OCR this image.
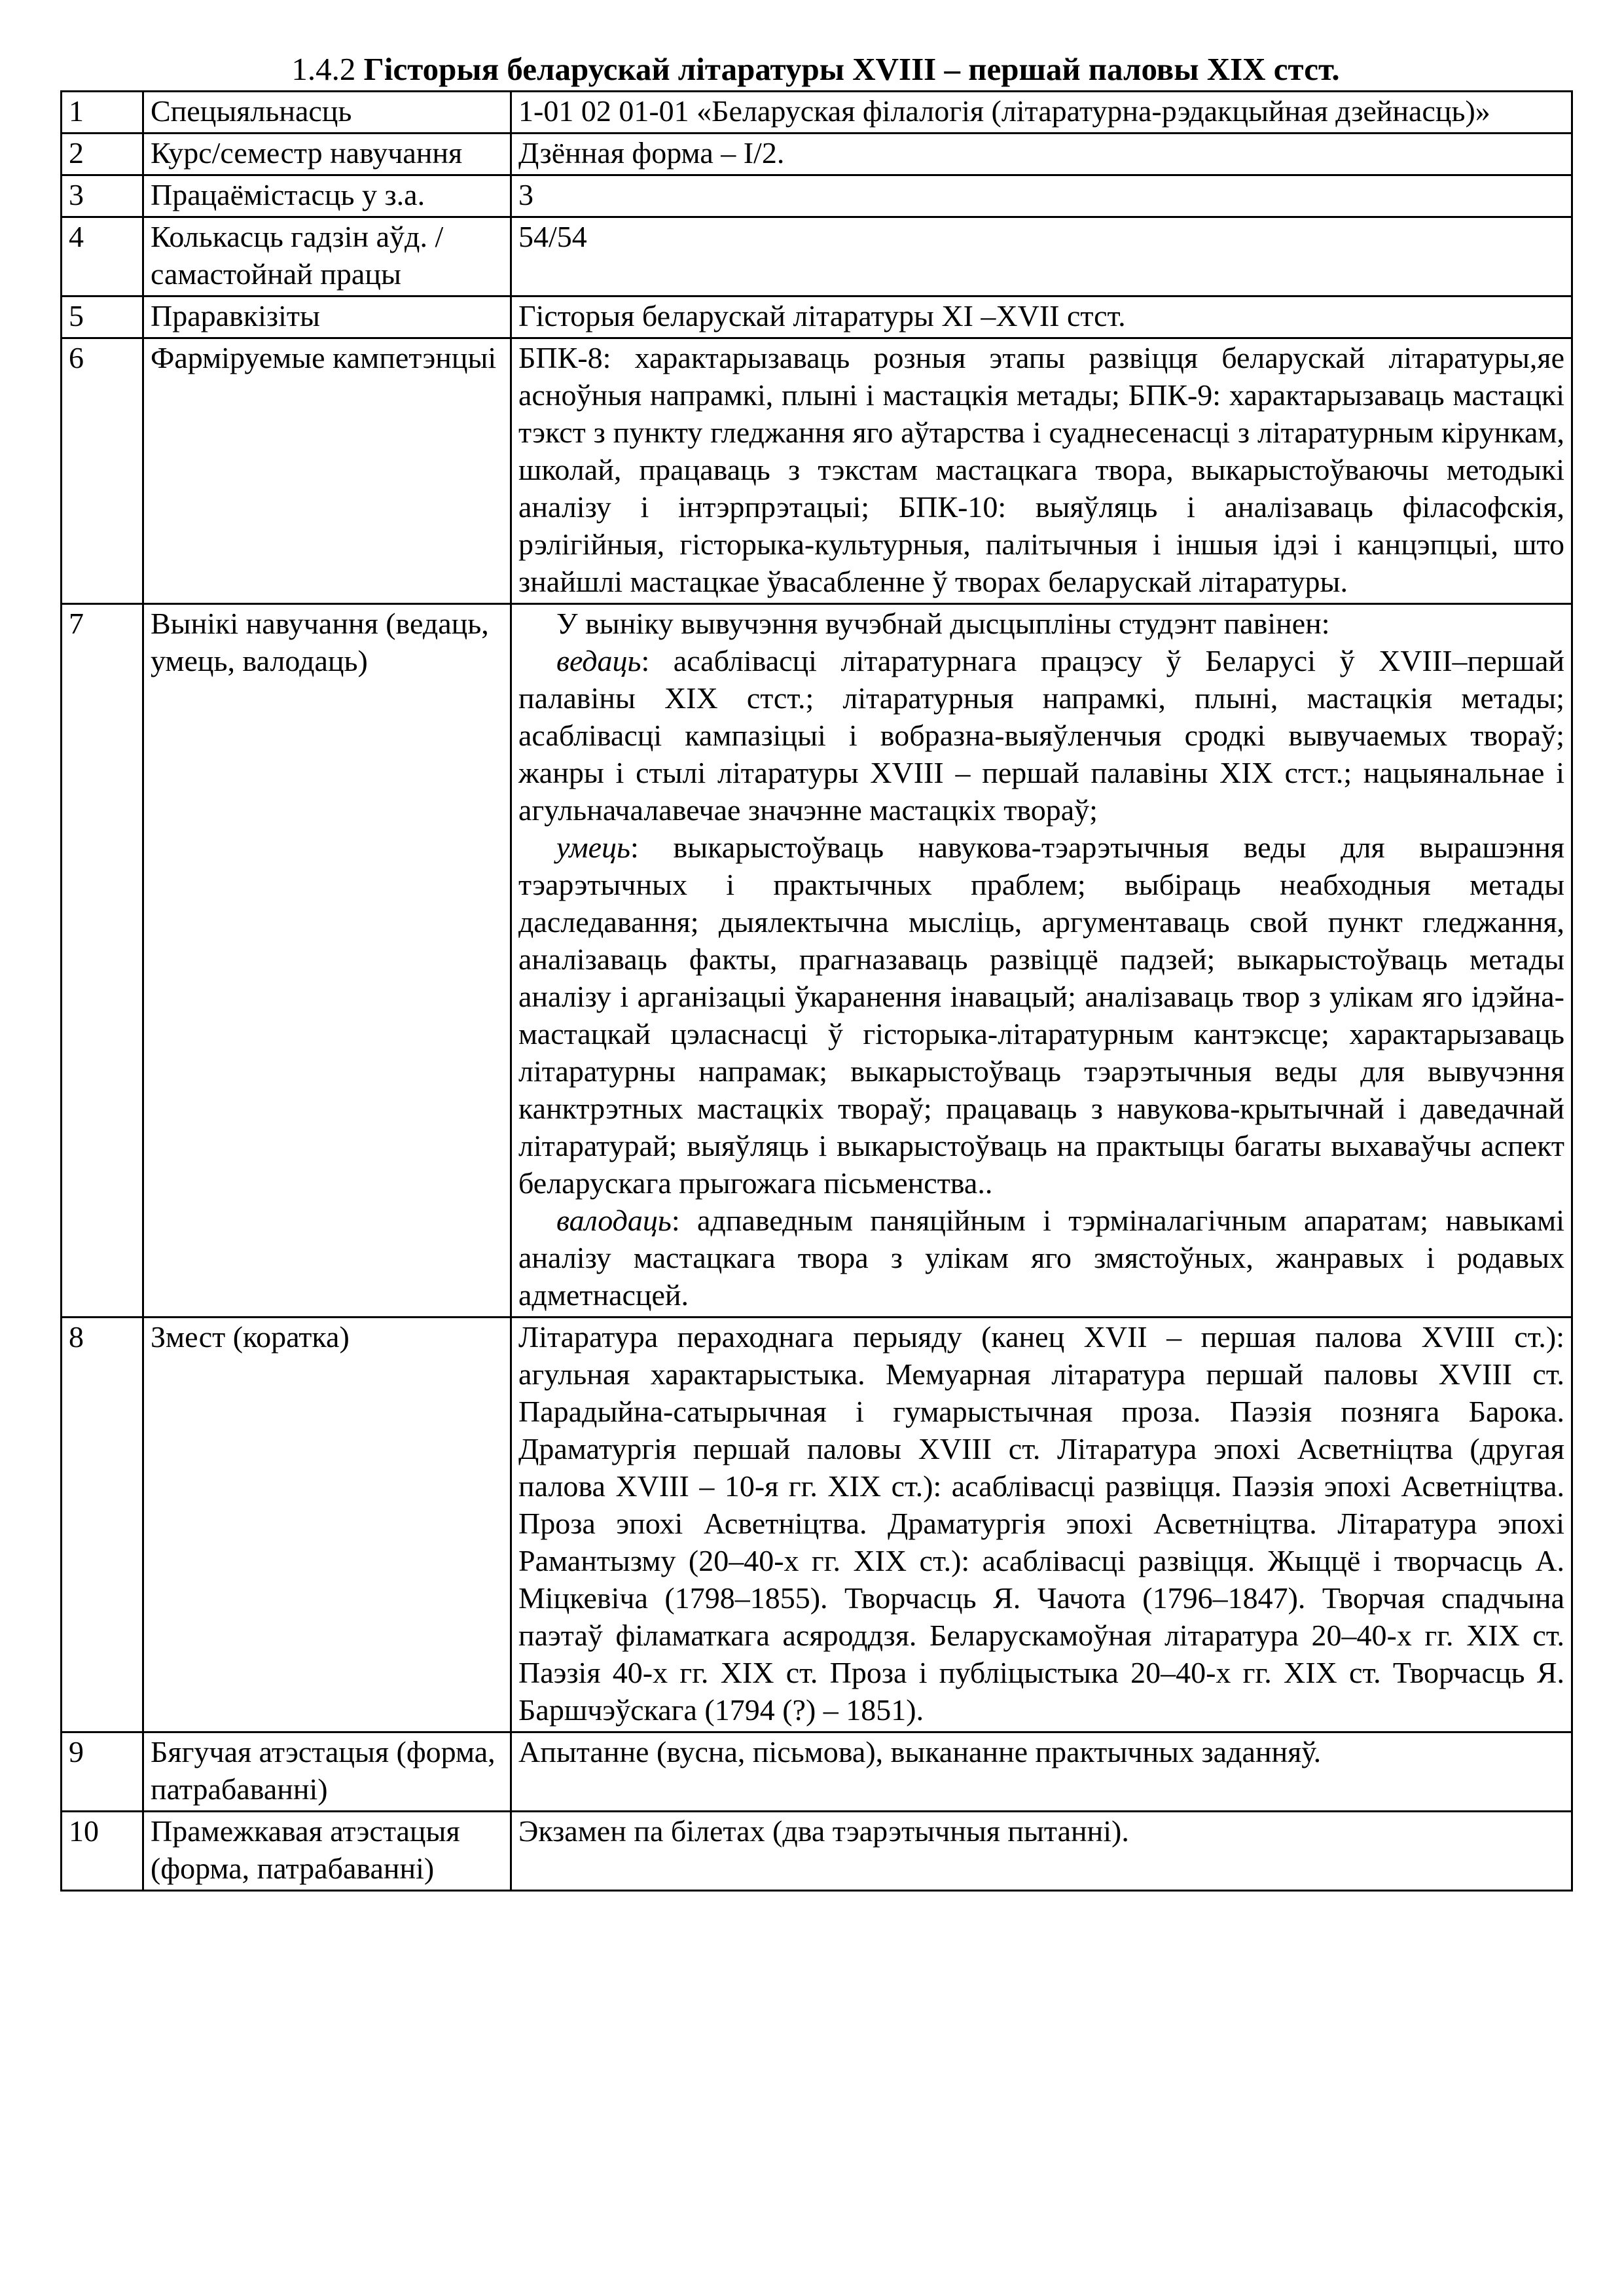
1.4.2 Гісторыя беларускай літаратуры XVIII – першай паловы XIX стст.
1	Спецыяльнасць	1-01 02 01-01 «Беларуская філалогія (літаратурна-рэдакцыйная дзейнасць)»
2	Курс/семестр навучання	Дзённая форма – I/2.
3	Працаёмістасць у з.а.	3
4	Колькасць гадзін аўд. / самастойнай працы	54/54
5	Праравкізіты	Гісторыя беларускай літаратуры XI –XVII стст.
6	Фарміруемые кампетэнцыі	БПК-8: характарызаваць розныя этапы развіцця беларускай літаратуры,яе асноўныя напрамкі, плыні і мастацкія метады; БПК-9: характарызаваць мастацкі тэкст з пункту гледжання яго аўтарства і суаднесенасці з літаратурным кірункам, школай, працаваць з тэкстам мастацкага твора, выкарыстоўваючы методыкі аналізу і інтэрпрэтацыі; БПК-10: выяўляць і аналізаваць філасофскія, рэлігійныя, гісторыка-культурныя, палітычныя і іншыя ідэі і канцэпцыі, што знайшлі мастацкае ўвасабленне ў творах беларускай літаратуры.
7	Вынікі навучання (ведаць, умець, валодаць)	У выніку вывучэння вучэбнай дысцыпліны студэнт павінен:

ведаць: асаблівасці літаратурнага працэсу ў Беларусі ў XVIII–першай палавіны XIX стст.; літаратурныя напрамкі, плыні, мастацкія метады; асаблівасці кампазіцыі і вобразна-выяўленчыя сродкі вывучаемых твораў; жанры і стылі літаратуры XVIII – першай палавіны XIX стст.; нацыянальнае і агульначалавечае значэнне мастацкіх твораў;

умець: выкарыстоўваць навукова-тэарэтычныя веды для вырашэння тэарэтычных і практычных праблем; выбіраць неабходныя метады даследавання; дыялектычна мысліць, аргументаваць свой пункт гледжання, аналізаваць факты, прагназаваць развіццё падзей; выкарыстоўваць метады аналізу і арганізацыі ўкаранення інавацый; аналізаваць твор з улікам яго ідэйна-мастацкай цэласнасці ў гісторыка-літаратурным кантэксце; характарызаваць літаратурны напрамак; выкарыстоўваць тэарэтычныя веды для вывучэння канктрэтных мастацкіх твораў; працаваць з навукова-крытычнай і даведачнай літаратурай; выяўляць і выкарыстоўваць на практыцы багаты выхаваўчы аспект беларускага прыгожага пісьменства..

валодаць: адпаведным паняційным і тэрміналагічным апаратам; навыкамі аналізу мастацкага твора з улікам яго змястоўных, жанравых і родавых адметнасцей.

8	Змест (коратка)	Літаратура пераходнага перыяду (канец XVII – першая палова XVIII ст.): агульная характарыстыка. Мемуарная літаратура першай паловы XVIII ст. Парадыйна-сатырычная і гумарыстычная проза. Паэзія позняга Барока. Драматургія першай паловы XVIII ст. Літаратура эпохі Асветніцтва (другая палова XVIII – 10-я гг. XIX ст.): асаблівасці развіцця. Паэзія эпохі Асветніцтва. Проза эпохі Асветніцтва. Драматургія эпохі Асветніцтва. Літаратура эпохі Рамантызму (20–40-х гг. XIX ст.): асаблівасці развіцця. Жыццё і творчасць А. Міцкевіча (1798–1855). Творчасць Я. Чачота (1796–1847). Творчая спадчына паэтаў філаматкага асяроддзя. Беларускамоўная літаратура 20–40-х гг. XIX ст. Паэзія 40-х гг. XIX ст. Проза і публіцыстыка 20–40-х гг. XIX ст. Творчасць Я. Баршчэўскага (1794 (?) – 1851).
9	Бягучая атэстацыя (форма, патрабаванні)	Апытанне (вусна, пісьмова), выкананне практычных заданняў.
10	Прамежкавая атэстацыя (форма, патрабаванні)	Экзамен па білетах (два тэарэтычныя пытанні).
